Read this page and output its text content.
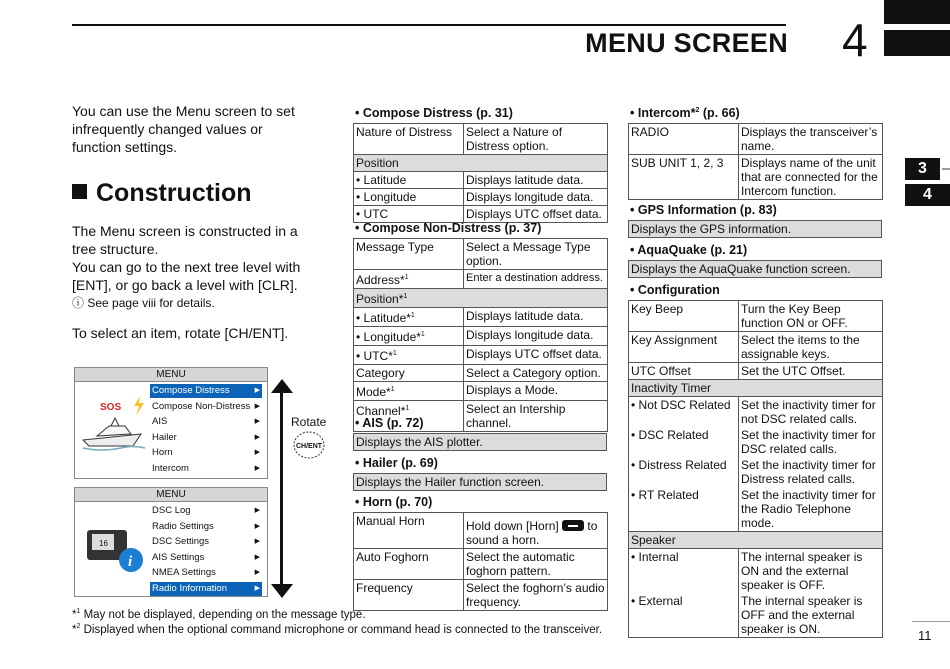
MENU SCREEN 4
3
4
You can use the Menu screen to set infrequently changed values or function settings.
Construction
The Menu screen is constructed in a tree structure.
You can go to the next tree level with [ENT], or go back a level with [CLR].
ⓘ See page viii for details.
To select an item, rotate [CH/ENT].
MENU
SOS
Compose Distress	▶
Compose Non-Distress ▶
AIS	▶
Hailer	▶
Horn	▶
Intercom	▶
MENU
16
i
DSC Log	▶
Radio Settings	▶
DSC Settings	▶
AIS Settings	▶
NMEA Settings	▶
Radio Information	▶
Rotate
CH/ENT
• Compose Distress (p. 31)
Nature of Distress	Select a Nature of Distress option.
Position	
• Latitude	Displays latitude data.
• Longitude	Displays longitude data.
• UTC	Displays UTC offset data.
• Compose Non-Distress (p. 37)
Message Type	Select a Message Type option.
Address*$^1$	Enter a destination address.
Position*$^1$
• Latitude*$^1$	Displays latitude data.
• Longitude*$^1$	Displays longitude data.
• UTC*$^1$	Displays UTC offset data.
Category	Select a Category option.
Mode*$^1$	Displays a Mode.
Channel*$^1$	Select an Intership channel.
• AIS (p. 72)
Displays the AIS plotter.
• Hailer (p. 69)
Displays the Hailer function screen.
• Horn (p. 70)
Manual Horn	Hold down [Horn] to sound a horn.
Auto Foghorn	Select the automatic foghorn pattern.
Frequency	Select the foghorn’s audio frequency.
• Intercom*$^2$ (p. 66)
RADIO	Displays the transceiver’s name.
SUB UNIT 1, 2, 3	Displays name of the unit that are connected for the Intercom function.
• GPS Information (p. 83)
Displays the GPS information.
• AquaQuake (p. 21)
Displays the AquaQuake function screen.
• Configuration
Key Beep	Turn the Key Beep function ON or OFF.
Key Assignment	Select the items to the assignable keys.
UTC Offset	Set the UTC Offset.
Inactivity Timer	
• Not DSC Related	Set the inactivity timer for not DSC related calls.
• DSC Related	Set the inactivity timer for DSC related calls.
• Distress Related	Set the inactivity timer for Distress related calls.
• RT Related	Set the inactivity timer for the Radio Telephone mode.
Speaker	
• Internal	The internal speaker is ON and the external speaker is OFF.
• External	The internal speaker is OFF and the external speaker is ON.
*$^1$ May not be displayed, depending on the message type.
*$^2$ Displayed when the optional command microphone or command head is connected to the transceiver.	11
